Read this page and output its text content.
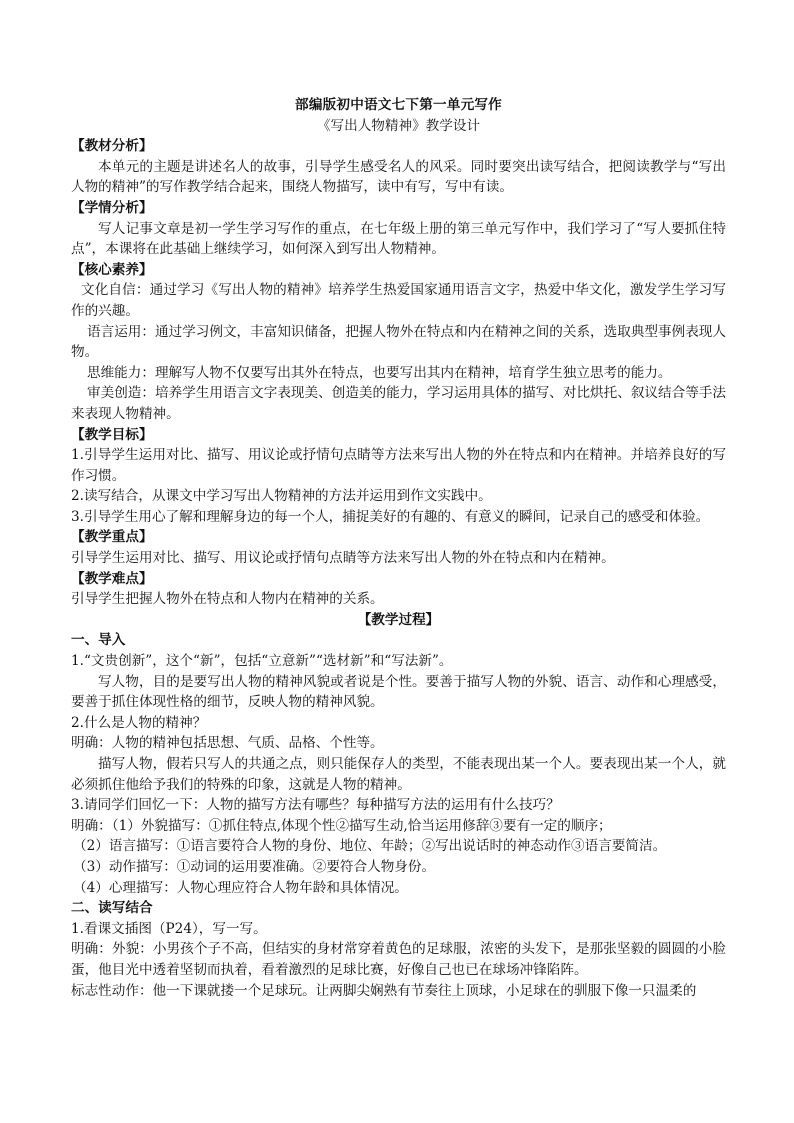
部编版初中语文七下第一单元写作

《写出人物精神》教学设计

【教材分析】

本单元的主题是讲述名人的故事，引导学生感受名人的风采。同时要突出读写结合，把阅读教学与“写出人物的精神”的写作教学结合起来，围绕人物描写，读中有写，写中有读。

【学情分析】

写人记事文章是初一学生学习写作的重点，在七年级上册的第三单元写作中，我们学习了“写人要抓住特点”，本课将在此基础上继续学习，如何深入到写出人物精神。

【核心素养】

文化自信：通过学习《写出人物的精神》培养学生热爱国家通用语言文字，热爱中华文化，激发学生学习写作的兴趣。

语言运用：通过学习例文，丰富知识储备，把握人物外在特点和内在精神之间的关系，选取典型事例表现人物。

思维能力：理解写人物不仅要写出其外在特点，也要写出其内在精神，培育学生独立思考的能力。

审美创造：培养学生用语言文字表现美、创造美的能力，学习运用具体的描写、对比烘托、叙议结合等手法来表现人物精神。

【教学目标】

1.引导学生运用对比、描写、用议论或抒情句点睛等方法来写出人物的外在特点和内在精神。并培养良好的写作习惯。

2.读写结合，从课文中学习写出人物精神的方法并运用到作文实践中。

3.引导学生用心了解和理解身边的每一个人，捕捉美好的有趣的、有意义的瞬间，记录自己的感受和体验。

【教学重点】

引导学生运用对比、描写、用议论或抒情句点睛等方法来写出人物的外在特点和内在精神。

【教学难点】

引导学生把握人物外在特点和人物内在精神的关系。

【教学过程】

一、导入

1.“文贵创新”，这个“新”，包括“立意新”“选材新”和“写法新”。

写人物，目的是要写出人物的精神风貌或者说是个性。要善于描写人物的外貌、语言、动作和心理感受，要善于抓住体现性格的细节，反映人物的精神风貌。

2.什么是人物的精神？

明确：人物的精神包括思想、气质、品格、个性等。

描写人物，假若只写人的共通之点，则只能保存人的类型，不能表现出某一个人。要表现出某一个人，就必须抓住他给予我们的特殊的印象，这就是人物的精神。

3.请同学们回忆一下：人物的描写方法有哪些？每种描写方法的运用有什么技巧？

明确：（1）外貌描写：①抓住特点,体现个性②描写生动,恰当运用修辞③要有一定的顺序；

（2）语言描写：①语言要符合人物的身份、地位、年龄；②写出说话时的神态动作③语言要简洁。

（3）动作描写：①动词的运用要准确。②要符合人物身份。

（4）心理描写：人物心理应符合人物年龄和具体情况。

二、读写结合

1.看课文插图（P24），写一写。

明确：外貌：小男孩个子不高，但结实的身材常穿着黄色的足球服，浓密的头发下，是那张坚毅的圆圆的小脸蛋，他目光中透着坚韧而执着，看着激烈的足球比赛，好像自己也已在球场冲锋陷阵。

标志性动作：他一下课就搂一个足球玩。让两脚尖娴熟有节奏往上顶球，小足球在的驯服下像一只温柔的
